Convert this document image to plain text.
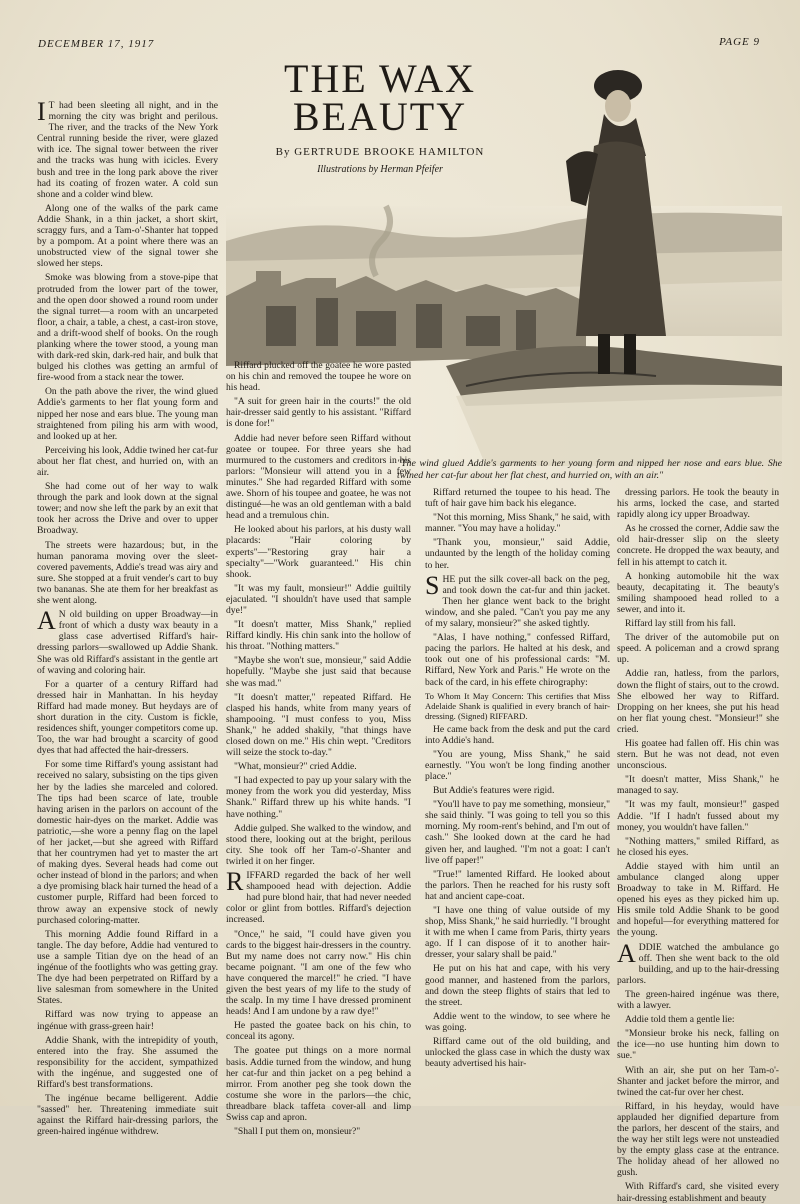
DECEMBER 17, 1917	PAGE 9
THE WAX
BEAUTY
By GERTRUDE BROOKE HAMILTON
Illustrations by Herman Pfeifer
"The wind glued Addie's garments to her young form and nipped her nose and ears blue. She twined her cat-fur about her flat chest, and hurried on, with an air."

IT had been sleeting all night, and in the morning the city was bright and perilous. The river, and the tracks of the New York Central running beside the river, were glazed with ice. The signal tower between the river and the tracks was hung with icicles. Every bush and tree in the long park above the river had its coating of frozen water. A cold sun shone and a colder wind blew.

Along one of the walks of the park came Addie Shank, in a thin jacket, a short skirt, scraggy furs, and a Tam-o'-Shanter hat topped by a pompom. At a point where there was an unobstructed view of the signal tower she slowed her steps.

Smoke was blowing from a stove-pipe that protruded from the lower part of the tower, and the open door showed a round room under the signal turret—a room with an uncarpeted floor, a chair, a table, a chest, a cast-iron stove, and a drift-wood shelf of books. On the rough planking where the tower stood, a young man with dark-red skin, dark-red hair, and bulk that bulged his clothes was getting an armful of fire-wood from a stack near the tower.

On the path above the river, the wind glued Addie's garments to her flat young form and nipped her nose and ears blue. The young man straightened from piling his arm with wood, and looked up at her.

Perceiving his look, Addie twined her cat-fur about her flat chest, and hurried on, with an air.

She had come out of her way to walk through the park and look down at the signal tower; and now she left the park by an exit that took her across the Drive and over to upper Broadway.

The streets were hazardous; but, in the human panorama moving over the sleet-covered pavements, Addie's tread was airy and sure. She stopped at a fruit vender's cart to buy two bananas. She ate them for her breakfast as she went along.

AN old building on upper Broadway—in front of which a dusty wax beauty in a glass case advertised Riffard's hair-dressing parlors—swallowed up Addie Shank. She was old Riffard's assistant in the gentle art of waving and coloring hair.

For a quarter of a century Riffard had dressed hair in Manhattan. In his heyday Riffard had made money. But heydays are of short duration in the city. Custom is fickle, residences shift, younger competitors come up. Too, the war had brought a scarcity of good dyes that had affected the hair-dressers.

For some time Riffard's young assistant had received no salary, subsisting on the tips given her by the ladies she marceled and colored. The tips had been scarce of late, trouble having arisen in the parlors on account of the domestic hair-dyes on the market. Addie was patriotic,—she wore a penny flag on the lapel of her jacket,—but she agreed with Riffard that her countrymen had yet to master the art of making dyes. Several heads had come out ocher instead of blond in the parlors; and when a dye promising black hair turned the head of a customer purple, Riffard had been forced to throw away an expensive stock of newly purchased coloring-matter.

This morning Addie found Riffard in a tangle. The day before, Addie had ventured to use a sample Titian dye on the head of an ingénue of the footlights who was getting gray. The dye had been perpetrated on Riffard by a live salesman from somewhere in the United States.

Riffard was now trying to appease an ingénue with grass-green hair!

Addie Shank, with the intrepidity of youth, entered into the fray. She assumed the responsibility for the accident, sympathized with the ingénue, and suggested one of Riffard's best transformations.

The ingénue became belligerent. Addie "sassed" her. Threatening immediate suit against the Riffard hair-dressing parlors, the green-haired ingénue withdrew.

Riffard plucked off the goatee he wore pasted on his chin and removed the toupee he wore on his head.

"A suit for green hair in the courts!" the old hair-dresser said gently to his assistant. "Riffard is done for!"

Addie had never before seen Riffard without goatee or toupee. For three years she had murmured to the customers and creditors in his parlors: "Monsieur will attend you in a few minutes." She had regarded Riffard with some awe. Shorn of his toupee and goatee, he was not distingué—he was an old gentleman with a bald head and a tremulous chin.

He looked about his parlors, at his dusty wall placards: "Hair coloring by experts"—"Restoring gray hair a specialty"—"Work guaranteed." His chin shook.

"It was my fault, monsieur!" Addie guiltily ejaculated. "I shouldn't have used that sample dye!"

"It doesn't matter, Miss Shank," replied Riffard kindly. His chin sank into the hollow of his throat. "Nothing matters."

"Maybe she won't sue, monsieur," said Addie hopefully. "Maybe she just said that because she was mad."

"It doesn't matter," repeated Riffard. He clasped his hands, white from many years of shampooing. "I must confess to you, Miss Shank," he added shakily, "that things have closed down on me." His chin wept. "Creditors will seize the stock to-day."

"What, monsieur?" cried Addie.

"I had expected to pay up your salary with the money from the work you did yesterday, Miss Shank." Riffard threw up his white hands. "I have nothing."

Addie gulped. She walked to the window, and stood there, looking out at the bright, perilous city. She took off her Tam-o'-Shanter and twirled it on her finger.

RIFFARD regarded the back of her well shampooed head with dejection. Addie had pure blond hair, that had never needed color or glint from bottles. Riffard's dejection increased.

"Once," he said, "I could have given you cards to the biggest hair-dressers in the country. But my name does not carry now." His chin became poignant. "I am one of the few who have conquered the marcel!" he cried. "I have given the best years of my life to the study of the scalp. In my time I have dressed prominent heads! And I am undone by a raw dye!"

He pasted the goatee back on his chin, to conceal its agony.

The goatee put things on a more normal basis. Addie turned from the window, and hung her cat-fur and thin jacket on a peg behind a mirror. From another peg she took down the costume she wore in the parlors—the chic, threadbare black taffeta cover-all and limp Swiss cap and apron.

"Shall I put them on, monsieur?"

Riffard returned the toupee to his head. The tuft of hair gave him back his elegance.

"Not this morning, Miss Shank," he said, with manner. "You may have a holiday."

"Thank you, monsieur," said Addie, undaunted by the length of the holiday coming to her.

SHE put the silk cover-all back on the peg, and took down the cat-fur and thin jacket. Then her glance went back to the bright window, and she paled. "Can't you pay me any of my salary, monsieur?" she asked tightly.

"Alas, I have nothing," confessed Riffard, pacing the parlors. He halted at his desk, and took out one of his professional cards: "M. Riffard, New York and Paris." He wrote on the back of the card, in his effete chirography:

To Whom It May Concern: This certifies that Miss Adelaide Shank is qualified in every branch of hair-dressing. (Signed) RIFFARD.

He came back from the desk and put the card into Addie's hand.

"You are young, Miss Shank," he said earnestly. "You won't be long finding another place."

But Addie's features were rigid.

"You'll have to pay me something, monsieur," she said thinly. "I was going to tell you so this morning. My room-rent's behind, and I'm out of cash." She looked down at the card he had given her, and laughed. "I'm not a goat: I can't live off paper!"

"True!" lamented Riffard. He looked about the parlors. Then he reached for his rusty soft hat and ancient cape-coat.

"I have one thing of value outside of my shop, Miss Shank," he said hurriedly. "I brought it with me when I came from Paris, thirty years ago. If I can dispose of it to another hair-dresser, your salary shall be paid."

He put on his hat and cape, with his very good manner, and hastened from the parlors, and down the steep flights of stairs that led to the street.

Addie went to the window, to see where he was going.

Riffard came out of the old building, and unlocked the glass case in which the dusty wax beauty advertised his hair-

dressing parlors. He took the beauty in his arms, locked the case, and started rapidly along icy upper Broadway.

As he crossed the corner, Addie saw the old hair-dresser slip on the sleety concrete. He dropped the wax beauty, and fell in his attempt to catch it.

A honking automobile hit the wax beauty, decapitating it. The beauty's smiling shampooed head rolled to a sewer, and into it.

Riffard lay still from his fall.

The driver of the automobile put on speed. A policeman and a crowd sprang up.

Addie ran, hatless, from the parlors, down the flight of stairs, out to the crowd. She elbowed her way to Riffard. Dropping on her knees, she put his head on her flat young chest. "Monsieur!" she cried.

His goatee had fallen off. His chin was stern. But he was not dead, not even unconscious.

"It doesn't matter, Miss Shank," he managed to say.

"It was my fault, monsieur!" gasped Addie. "If I hadn't fussed about my money, you wouldn't have fallen."

"Nothing matters," smiled Riffard, as he closed his eyes.

Addie stayed with him until an ambulance clanged along upper Broadway to take in M. Riffard. He opened his eyes as they picked him up. His smile told Addie Shank to be good and hopeful—for everything mattered for the young.

ADDIE watched the ambulance go off. Then she went back to the old building, and up to the hair-dressing parlors.

The green-haired ingénue was there, with a lawyer.

Addie told them a gentle lie:

"Monsieur broke his neck, falling on the ice—no use hunting him down to sue."

With an air, she put on her Tam-o'-Shanter and jacket before the mirror, and twined the cat-fur over her chest.

Riffard, in his heyday, would have applauded her dignified departure from the parlors, her descent of the stairs, and the way her stilt legs were not unsteadied by the empty glass case at the entrance. The holiday ahead of her allowed no gush.

With Riffard's card, she visited every hair-dressing establishment and beauty
